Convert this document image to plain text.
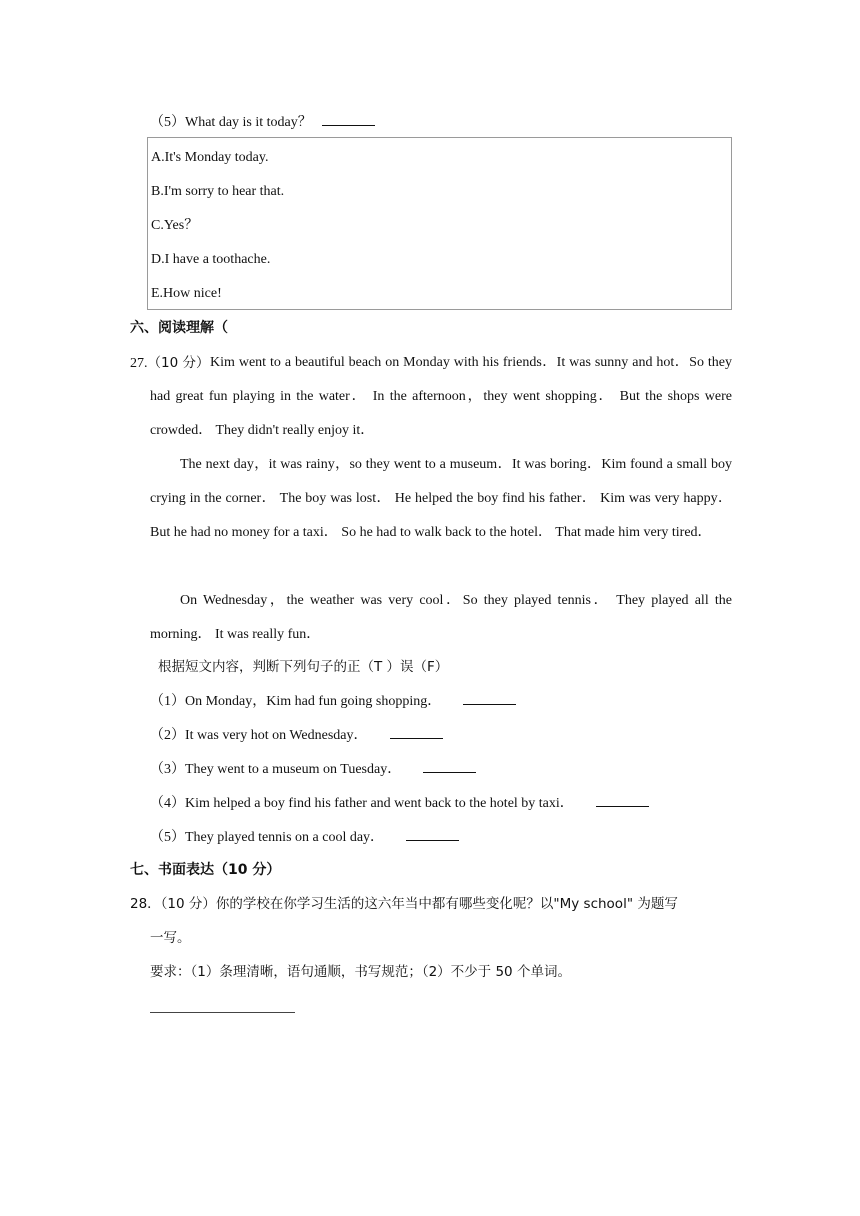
（5）What day is it today？
A.It's Monday today.
B.I'm sorry to hear that.
C.Yes？
D.I have a toothache.
E.How nice!
六、阅读理解（
27.（10 分） Kim went to a beautiful beach on Monday with his friends．It was sunny and hot．So they had great fun playing in the water． In the afternoon，they went shopping． But the shops were crowded． They didn't really enjoy it．
The next day，it was rainy，so they went to a museum．It was boring．Kim found a small boy crying in the corner． The boy was lost． He helped the boy find his father． Kim was very happy． But he had no money for a taxi． So he had to walk back to the hotel． That made him very tired．
On Wednesday，the weather was very cool．So they played tennis． They played all the morning． It was really fun．
根据短文内容，判断下列句子的正（T ）误（F）
（1）On Monday，Kim had fun going shopping．
（2）It was very hot on Wednesday．
（3）They went to a museum on Tuesday．
（4）Kim helped a boy find his father and went back to the hotel by taxi．
（5）They played tennis on a cool day．
七、书面表达（10 分）
28．（10 分）你的学校在你学习生活的这六年当中都有哪些变化呢？以"My school" 为题写
一写。
要求：（1）条理清晰，语句通顺，书写规范；（2）不少于 50 个单词。
